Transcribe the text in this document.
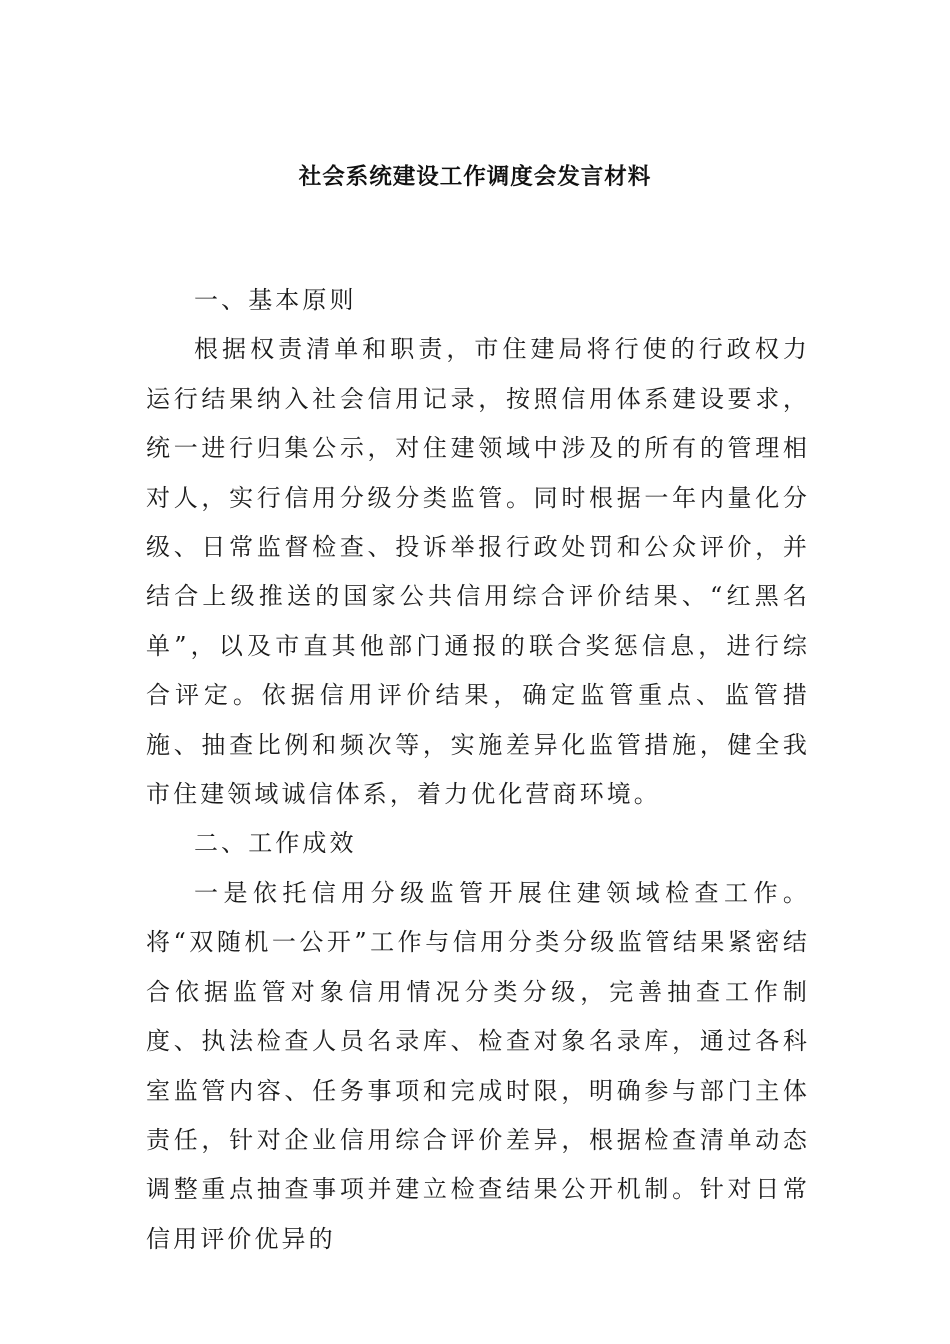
社会系统建设工作调度会发言材料

一、基本原则

根据权责清单和职责，市住建局将行使的行政权力运行结果纳入社会信用记录，按照信用体系建设要求，统一进行归集公示，对住建领域中涉及的所有的管理相对人，实行信用分级分类监管。同时根据一年内量化分级、日常监督检查、投诉举报行政处罚和公众评价，并结合上级推送的国家公共信用综合评价结果、“红黑名单”，以及市直其他部门通报的联合奖惩信息，进行综合评定。依据信用评价结果，确定监管重点、监管措施、抽查比例和频次等，实施差异化监管措施，健全我市住建领域诚信体系，着力优化营商环境。

二、工作成效

一是依托信用分级监管开展住建领域检查工作。将“双随机一公开”工作与信用分类分级监管结果紧密结合依据监管对象信用情况分类分级，完善抽查工作制度、执法检查人员名录库、检查对象名录库，通过各科室监管内容、任务事项和完成时限，明确参与部门主体责任，针对企业信用综合评价差异，根据检查清单动态调整重点抽查事项并建立检查结果公开机制。针对日常信用评价优异的
